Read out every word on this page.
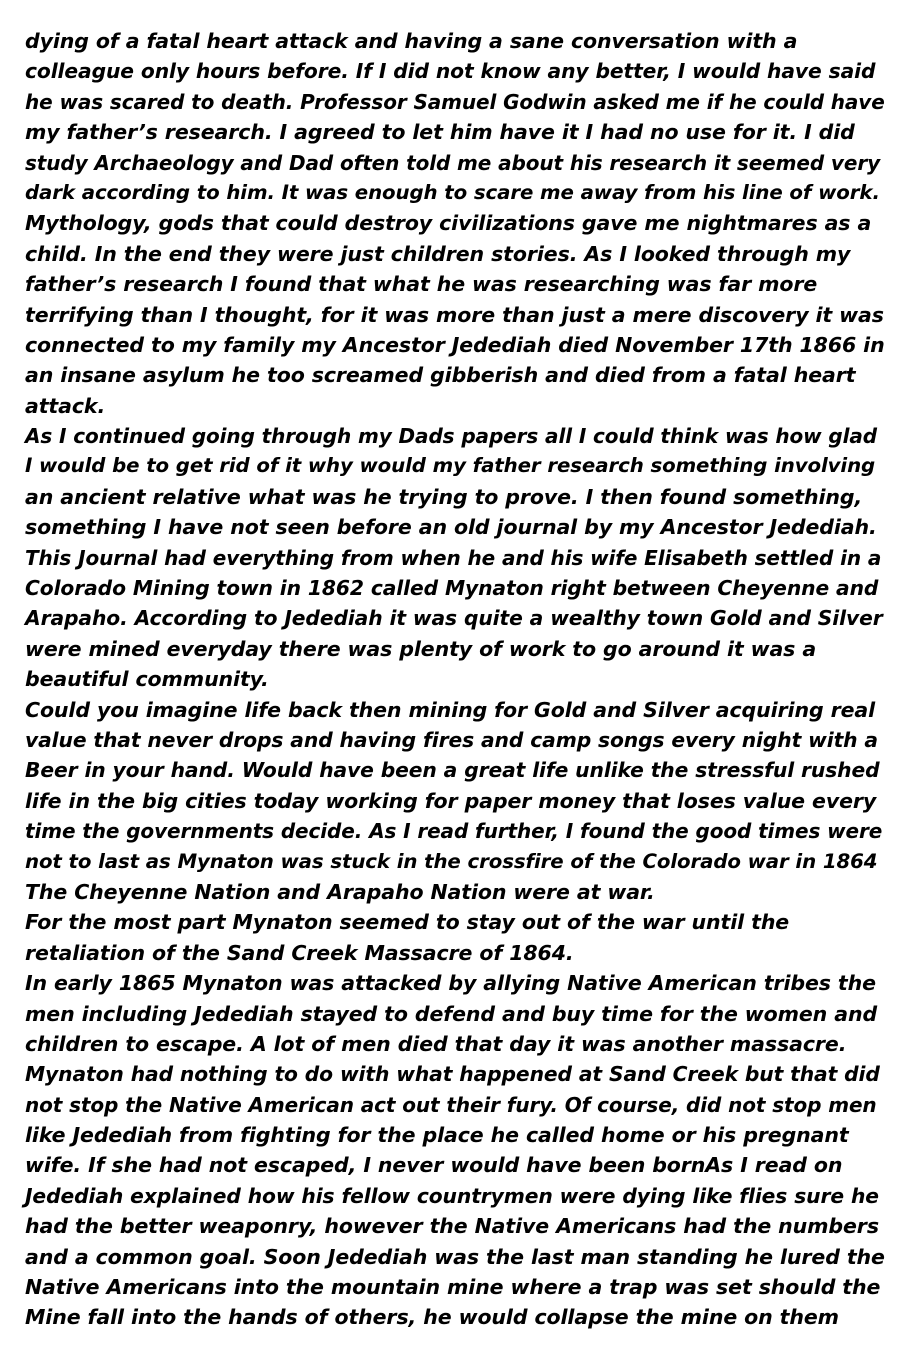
dying of a fatal heart attack and having a sane conversation with a
colleague only hours before. If I did not know any better, I would have said
he was scared to death. Professor Samuel Godwin asked me if he could have
my father’s research. I agreed to let him have it I had no use for it. I did
study Archaeology and Dad often told me about his research it seemed very
dark according to him. It was enough to scare me away from his line of work.
Mythology, gods that could destroy civilizations gave me nightmares as a
child. In the end they were just children stories. As I looked through my
father’s research I found that what he was researching was far more
terrifying than I thought, for it was more than just a mere discovery it was
connected to my family my Ancestor Jedediah died November 17th 1866 in
an insane asylum he too screamed gibberish and died from a fatal heart
attack.
As I continued going through my Dads papers all I could think was how glad
I would be to get rid of it why would my father research something involving
an ancient relative what was he trying to prove. I then found something,
something I have not seen before an old journal by my Ancestor Jedediah.
This Journal had everything from when he and his wife Elisabeth settled in a
Colorado Mining town in 1862 called Mynaton right between Cheyenne and
Arapaho. According to Jedediah it was quite a wealthy town Gold and Silver
were mined everyday there was plenty of work to go around it was a
beautiful community.
Could you imagine life back then mining for Gold and Silver acquiring real
value that never drops and having fires and camp songs every night with a
Beer in your hand. Would have been a great life unlike the stressful rushed
life in the big cities today working for paper money that loses value every
time the governments decide. As I read further, I found the good times were
not to last as Mynaton was stuck in the crossfire of the Colorado war in 1864
The Cheyenne Nation and Arapaho Nation were at war.
For the most part Mynaton seemed to stay out of the war until the
retaliation of the Sand Creek Massacre of 1864.
In early 1865 Mynaton was attacked by allying Native American tribes the
men including Jedediah stayed to defend and buy time for the women and
children to escape. A lot of men died that day it was another massacre.
Mynaton had nothing to do with what happened at Sand Creek but that did
not stop the Native American act out their fury. Of course, did not stop men
like Jedediah from fighting for the place he called home or his pregnant
wife. If she had not escaped, I never would have been bornAs I read on
Jedediah explained how his fellow countrymen were dying like flies sure he
had the better weaponry, however the Native Americans had the numbers
and a common goal. Soon Jedediah was the last man standing he lured the
Native Americans into the mountain mine where a trap was set should the
Mine fall into the hands of others, he would collapse the mine on them
